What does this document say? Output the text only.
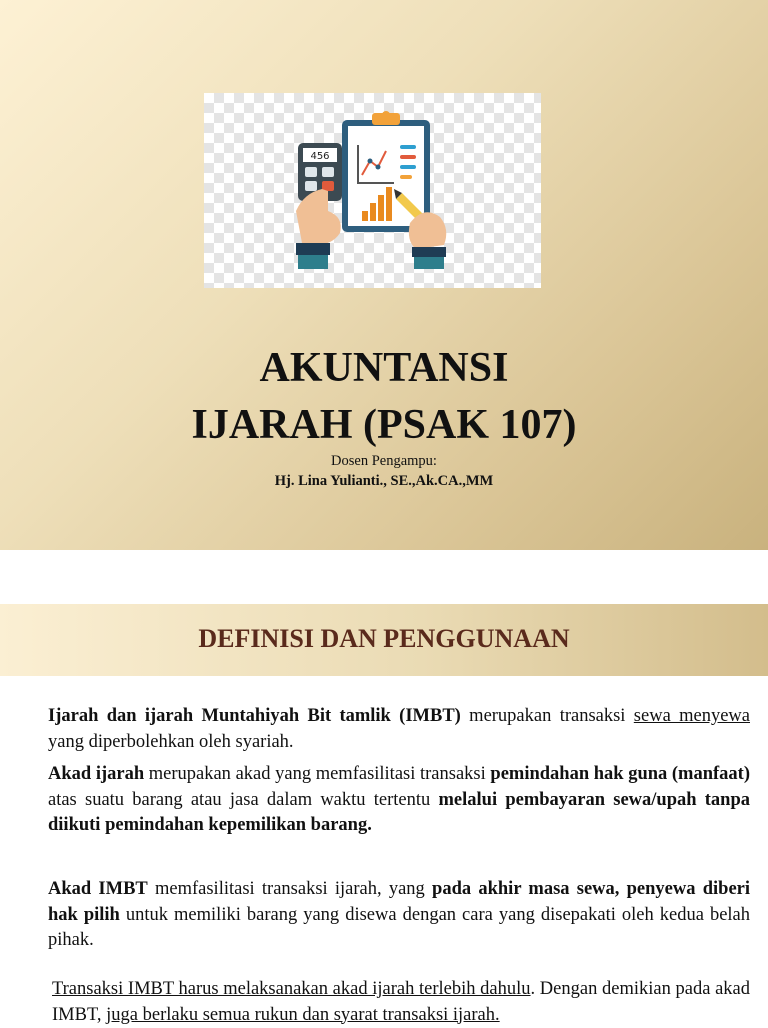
456
AKUNTANSI
IJARAH (PSAK 107)
Dosen Pengampu:
Hj. Lina Yulianti., SE.,Ak.CA.,MM
DEFINISI DAN PENGGUNAAN

Ijarah dan ijarah Muntahiyah Bit tamlik (IMBT) merupakan transaksi sewa menyewa yang diperbolehkan oleh syariah.

Akad ijarah merupakan akad yang memfasilitasi transaksi pemindahan hak guna (manfaat) atas suatu barang atau jasa dalam waktu tertentu melalui pembayaran sewa/upah tanpa diikuti pemindahan kepemilikan barang.

Akad IMBT memfasilitasi transaksi ijarah, yang pada akhir masa sewa, penyewa diberi hak pilih untuk memiliki barang yang disewa dengan cara yang disepakati oleh kedua belah pihak.

Transaksi IMBT harus melaksanakan akad ijarah terlebih dahulu. Dengan demikian pada akad IMBT, juga berlaku semua rukun dan syarat transaksi ijarah.
